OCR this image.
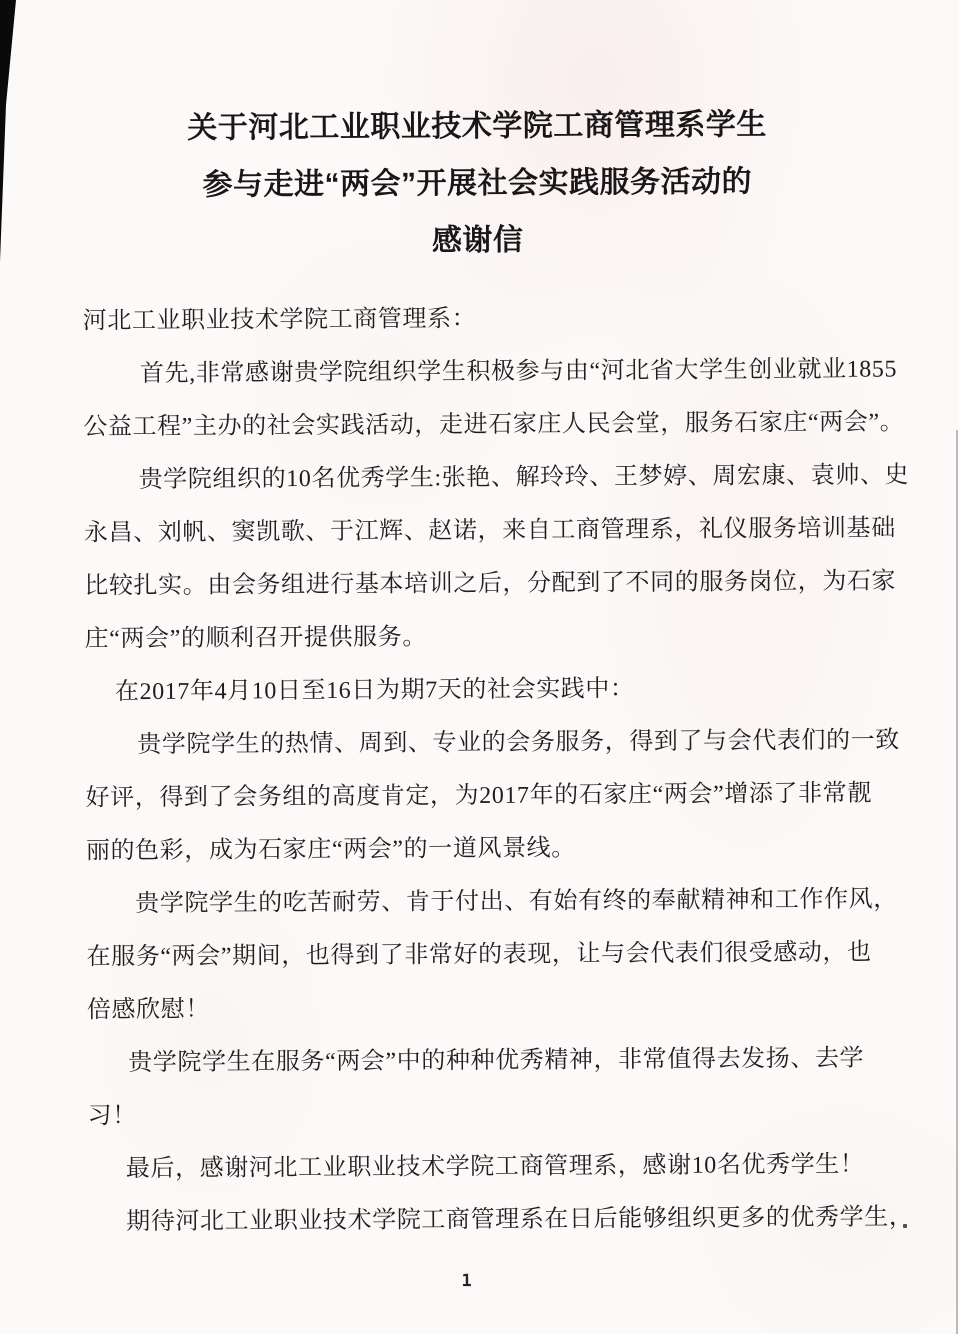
关于河北工业职业技术学院工商管理系学生
参与走进“两会”开展社会实践服务活动的
感谢信
河北工业职业技术学院工商管理系：
首先,非常感谢贵学院组织学生积极参与由“河北省大学生创业就业1855
公益工程”主办的社会实践活动，走进石家庄人民会堂，服务石家庄“两会”。
贵学院组织的10名优秀学生:张艳、解玲玲、王梦婷、周宏康、袁帅、史
永昌、刘帆、窦凯歌、于江辉、赵诺，来自工商管理系，礼仪服务培训基础
比较扎实。由会务组进行基本培训之后，分配到了不同的服务岗位，为石家
庄“两会”的顺利召开提供服务。
在2017年4月10日至16日为期7天的社会实践中：
贵学院学生的热情、周到、专业的会务服务，得到了与会代表们的一致
好评，得到了会务组的高度肯定，为2017年的石家庄“两会”增添了非常靓
丽的色彩，成为石家庄“两会”的一道风景线。
贵学院学生的吃苦耐劳、肯于付出、有始有终的奉献精神和工作作风，
在服务“两会”期间，也得到了非常好的表现，让与会代表们很受感动，也
倍感欣慰！
贵学院学生在服务“两会”中的种种优秀精神，非常值得去发扬、去学
习！
最后，感谢河北工业职业技术学院工商管理系，感谢10名优秀学生！
期待河北工业职业技术学院工商管理系在日后能够组织更多的优秀学生，
1
